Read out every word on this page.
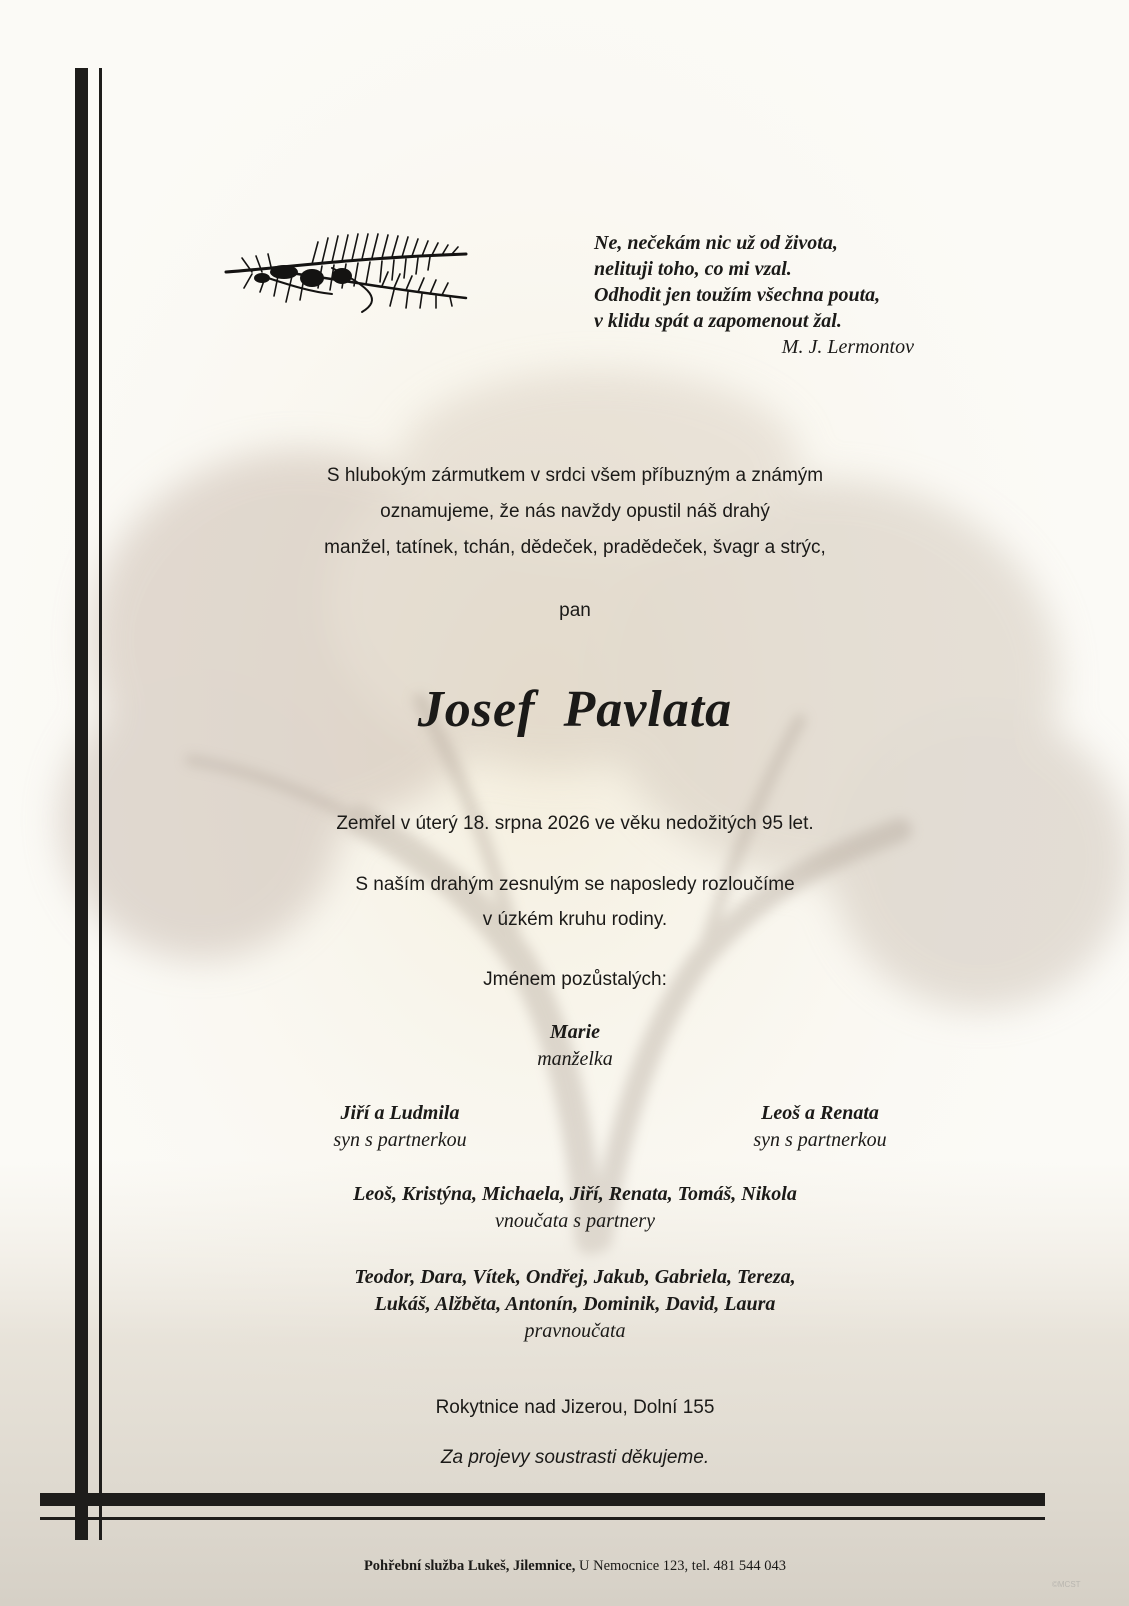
Ne, nečekám nic už od života,
nelituji toho, co mi vzal.
Odhodit jen toužím všechna pouta,
v klidu spát a zapomenout žal.
M. J. Lermontov
S hlubokým zármutkem v srdci všem příbuzným a známým
oznamujeme, že nás navždy opustil náš drahý
manžel, tatínek, tchán, dědeček, pradědeček, švagr a strýc,
pan
Josef Pavlata
Zemřel v úterý 18. srpna 2026 ve věku nedožitých 95 let.
S naším drahým zesnulým se naposledy rozloučíme
v úzkém kruhu rodiny.
Jménem pozůstalých:
Marie
manželka
Jiří a Ludmila
syn s partnerkou
Leoš a Renata
syn s partnerkou
Leoš, Kristýna, Michaela, Jiří, Renata, Tomáš, Nikola
vnoučata s partnery
Teodor, Dara, Vítek, Ondřej, Jakub, Gabriela, Tereza,
Lukáš, Alžběta, Antonín, Dominik, David, Laura
pravnoučata
Rokytnice nad Jizerou, Dolní 155
Za projevy soustrasti děkujeme.
Pohřební služba Lukeš, Jilemnice, U Nemocnice 123, tel. 481 544 043
©MCST
